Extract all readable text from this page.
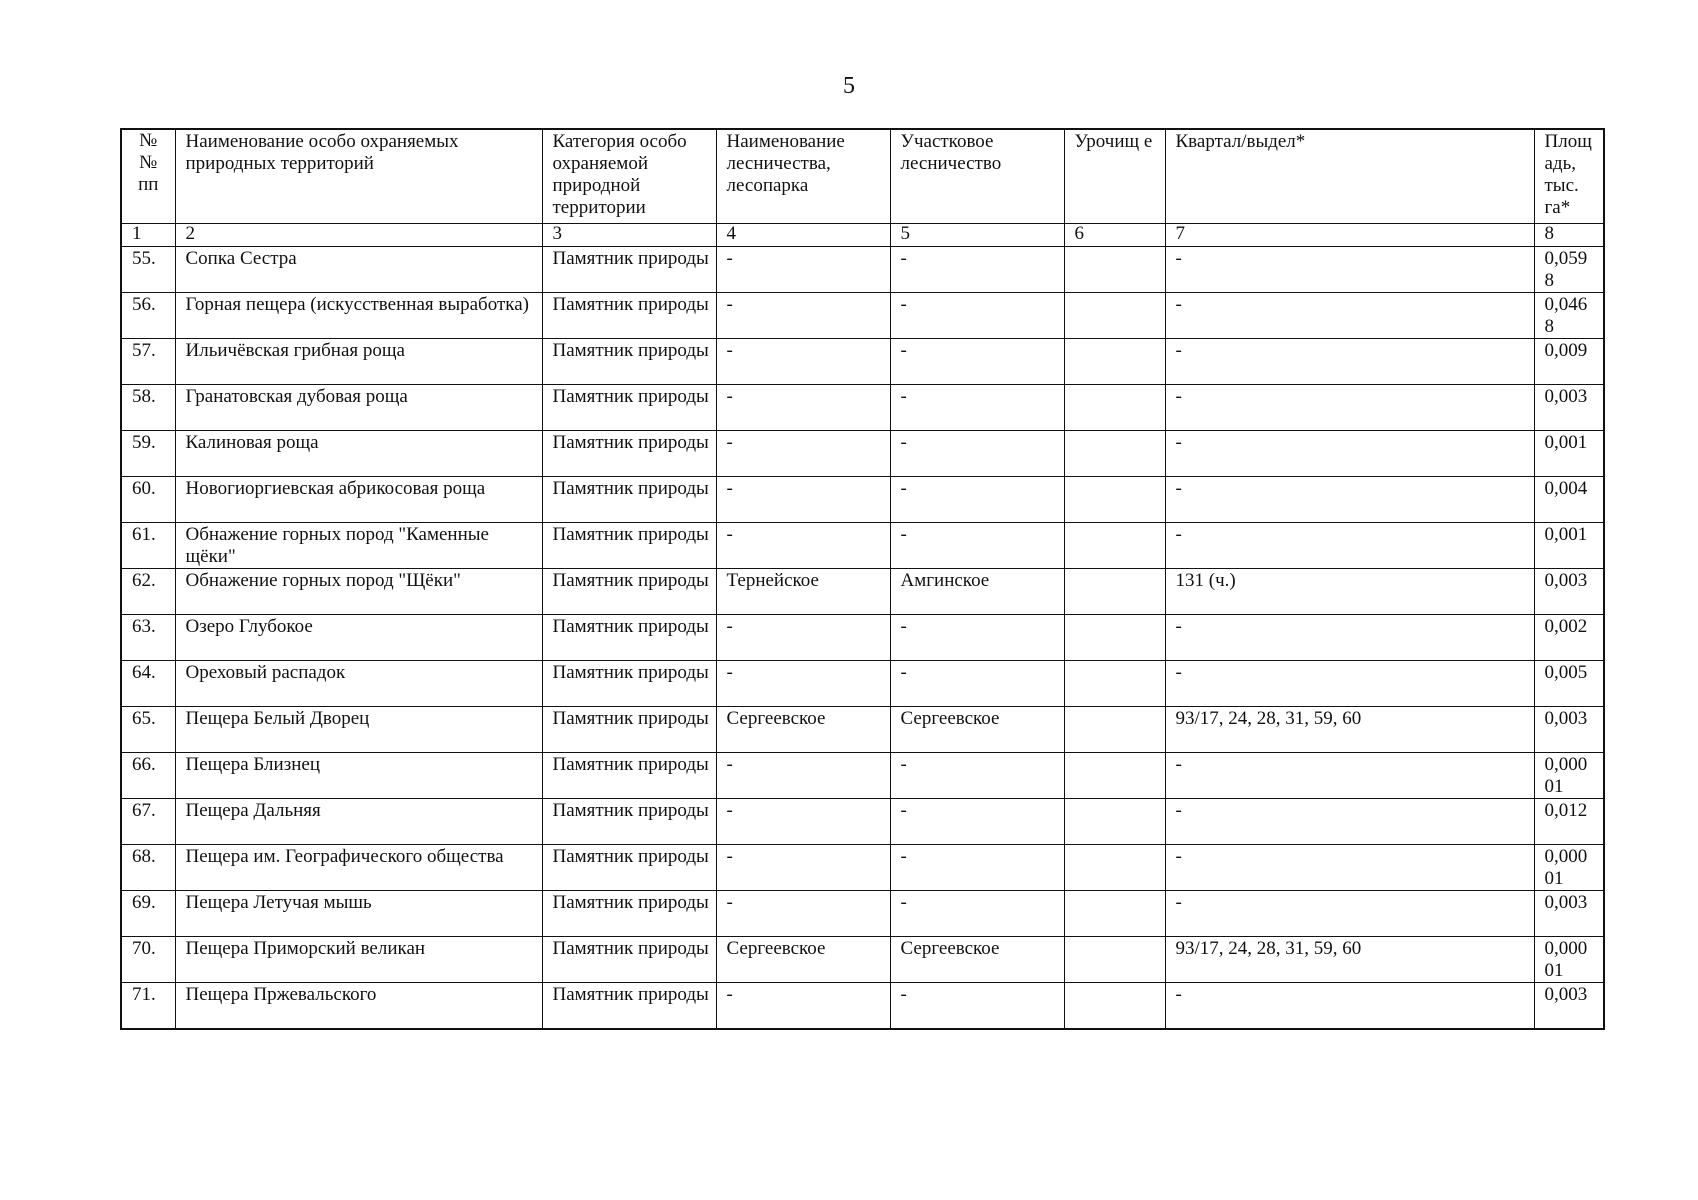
5
№
№
пп	Наименование особо охраняемых природных территорий	Категория особо охраняемой природной территории	Наименование лесничества, лесопарка	Участковое лесничество	Урочищ е	Квартал/выдел*	Площ адь, тыс. га*
1	2	3	4	5	6	7	8
55.	Сопка Сестра	Памятник природы	-	-		-	0,059 8
56.	Горная пещера (искусственная выработка)	Памятник природы	-	-		-	0,046 8
57.	Ильичёвская грибная роща	Памятник природы	-	-		-	0,009
58.	Гранатовская дубовая роща	Памятник природы	-	-		-	0,003
59.	Калиновая роща	Памятник природы	-	-		-	0,001
60.	Новогиоргиевская абрикосовая роща	Памятник природы	-	-		-	0,004
61.	Обнажение горных пород "Каменные щёки"	Памятник природы	-	-		-	0,001
62.	Обнажение горных пород "Щёки"	Памятник природы	Тернейское	Амгинское		131 (ч.)	0,003
63.	Озеро Глубокое	Памятник природы	-	-		-	0,002
64.	Ореховый распадок	Памятник природы	-	-		-	0,005
65.	Пещера Белый Дворец	Памятник природы	Сергеевское	Сергеевское		93/17, 24, 28, 31, 59, 60	0,003
66.	Пещера Близнец	Памятник природы	-	-		-	0,000 01
67.	Пещера Дальняя	Памятник природы	-	-		-	0,012
68.	Пещера им. Географического общества	Памятник природы	-	-		-	0,000 01
69.	Пещера Летучая мышь	Памятник природы	-	-		-	0,003
70.	Пещера Приморский великан	Памятник природы	Сергеевское	Сергеевское		93/17, 24, 28, 31, 59, 60	0,000 01
71.	Пещера Пржевальского	Памятник природы	-	-		-	0,003
